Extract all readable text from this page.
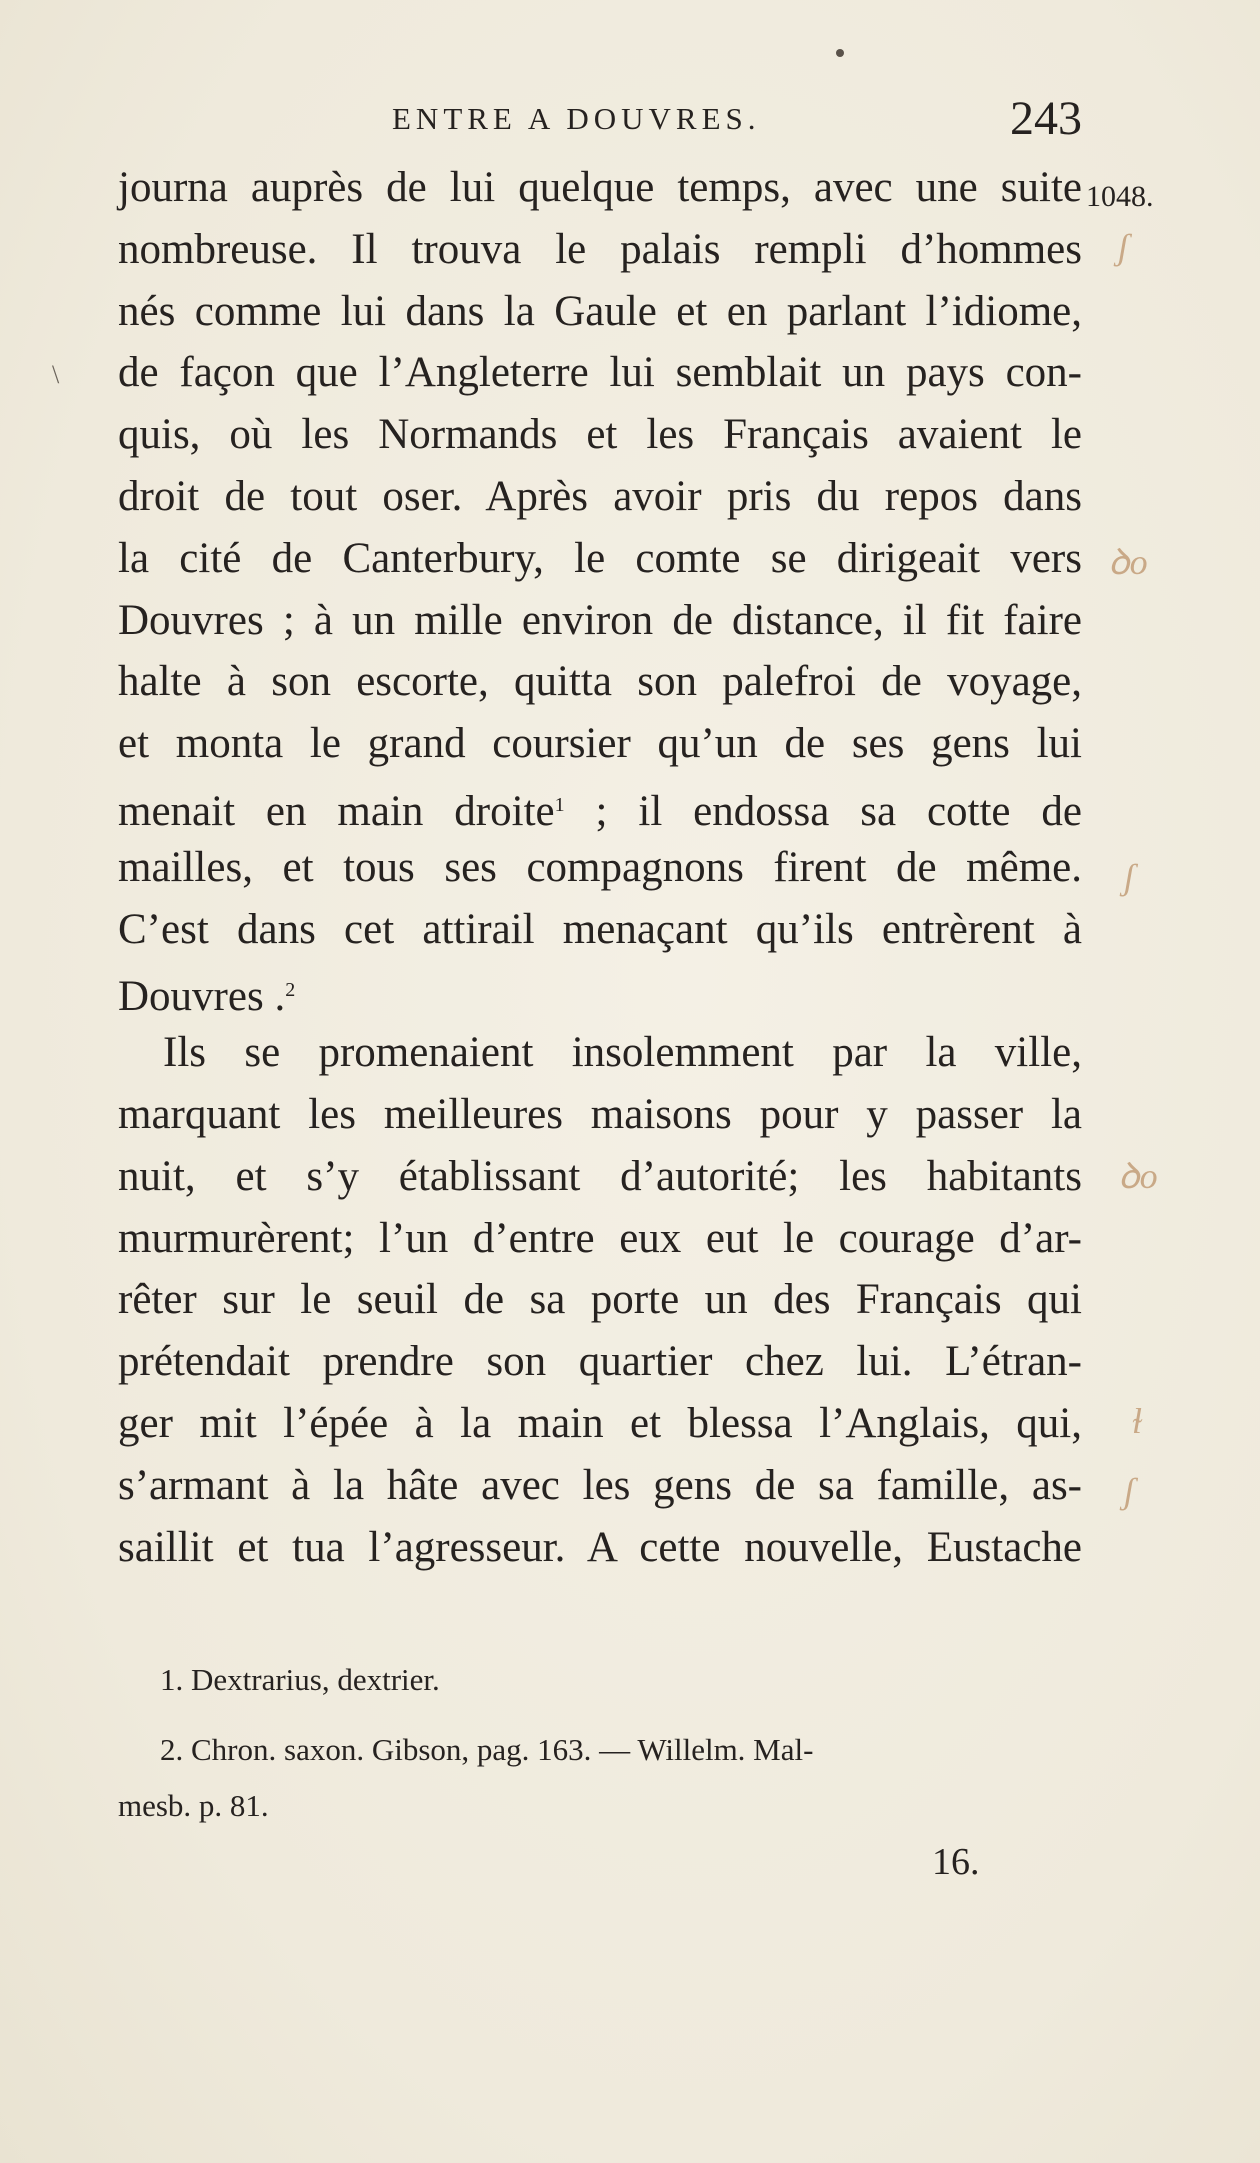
ENTRE A DOUVRES.	243
1048.
\
ʃ
ꝺo
ʃ
ꝺo
ɫ
ʃ
journa auprès de lui quelque temps, avec une suite
nombreuse. Il trouva le palais rempli d’hommes
nés comme lui dans la Gaule et en parlant l’idiome,
de façon que l’Angleterre lui semblait un pays con-
quis, où les Normands et les Français avaient le
droit de tout oser. Après avoir pris du repos dans
la cité de Canterbury, le comte se dirigeait vers
Douvres ; à un mille environ de distance, il fit faire
halte à son escorte, quitta son palefroi de voyage,
et monta le grand coursier qu’un de ses gens lui
menait en main droite$^1$ ; il endossa sa cotte de
mailles, et tous ses compagnons firent de même.
C’est dans cet attirail menaçant qu’ils entrèrent à
Douvres .$^2$
Ils se promenaient insolemment par la ville,
marquant les meilleures maisons pour y passer la
nuit, et s’y établissant d’autorité; les habitants
murmurèrent; l’un d’entre eux eut le courage d’ar-
rêter sur le seuil de sa porte un des Français qui
prétendait prendre son quartier chez lui. L’étran-
ger mit l’épée à la main et blessa l’Anglais, qui,
s’armant à la hâte avec les gens de sa famille, as-
saillit et tua l’agresseur. A cette nouvelle, Eustache
1. Dextrarius, dextrier.
2. Chron. saxon. Gibson, pag. 163. — Willelm. Mal-
mesb. p. 81.
16.
